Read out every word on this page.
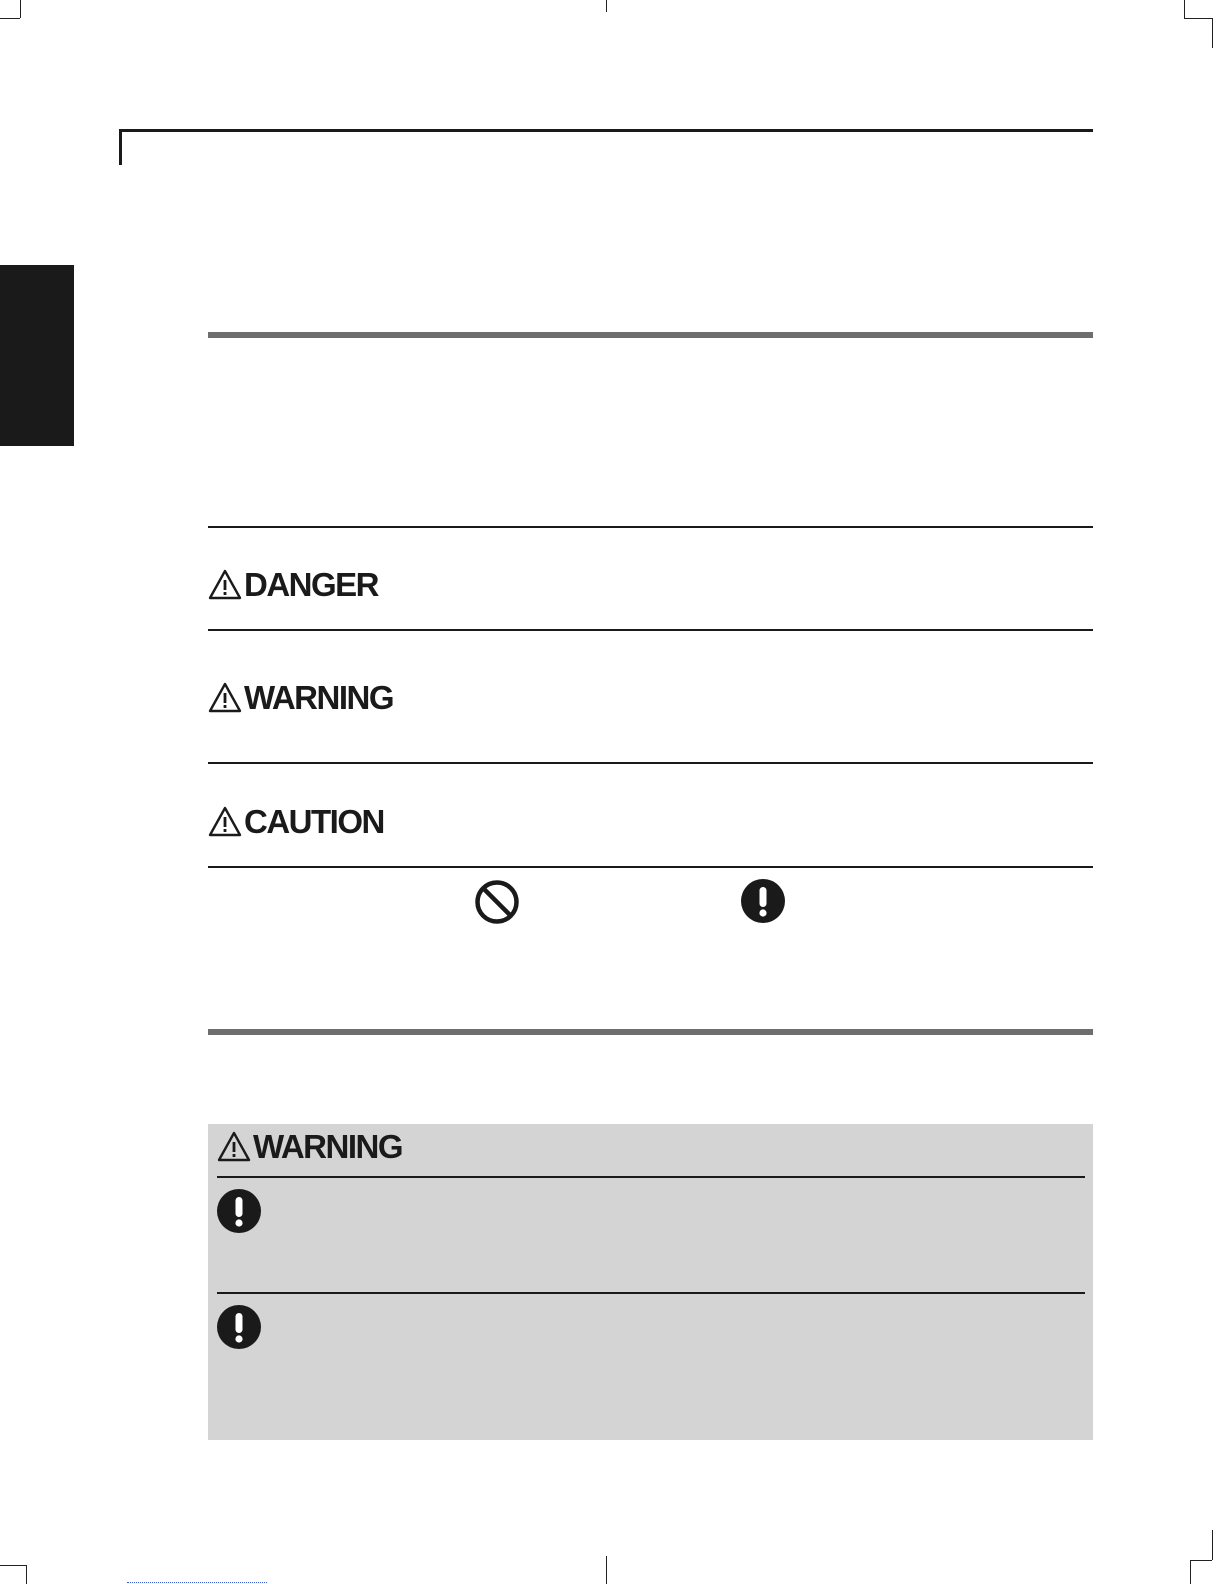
DANGER
WARNING
CAUTION
WARNING
